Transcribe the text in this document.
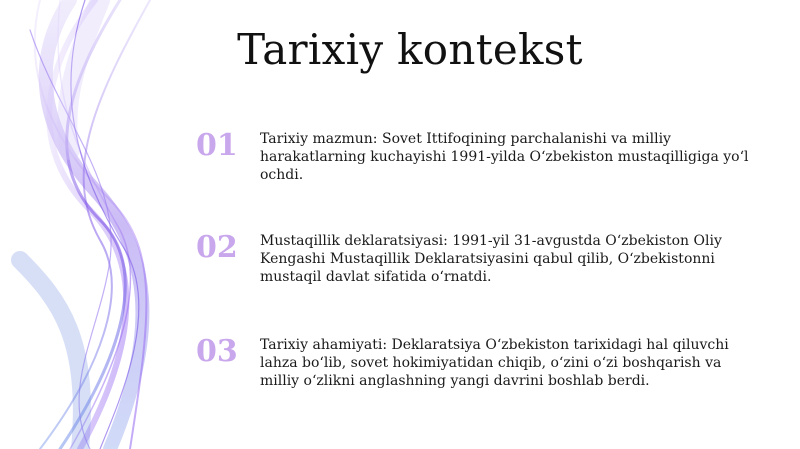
Tarixiy kontekst
01	Tarixiy mazmun: Sovet Ittifoqining parchalanishi va milliy harakatlarning kuchayishi 1991-yilda O‘zbekiston mustaqilligiga yo‘l ochdi.
02	Mustaqillik deklaratsiyasi: 1991-yil 31-avgustda O‘zbekiston Oliy Kengashi Mustaqillik Deklaratsiyasini qabul qilib, O‘zbekistonni mustaqil davlat sifatida o‘rnatdi.
03	Tarixiy ahamiyati: Deklaratsiya O‘zbekiston tarixidagi hal qiluvchi lahza bo‘lib, sovet hokimiyatidan chiqib, o‘zini o‘zi boshqarish va milliy o‘zlikni anglashning yangi davrini boshlab berdi.
